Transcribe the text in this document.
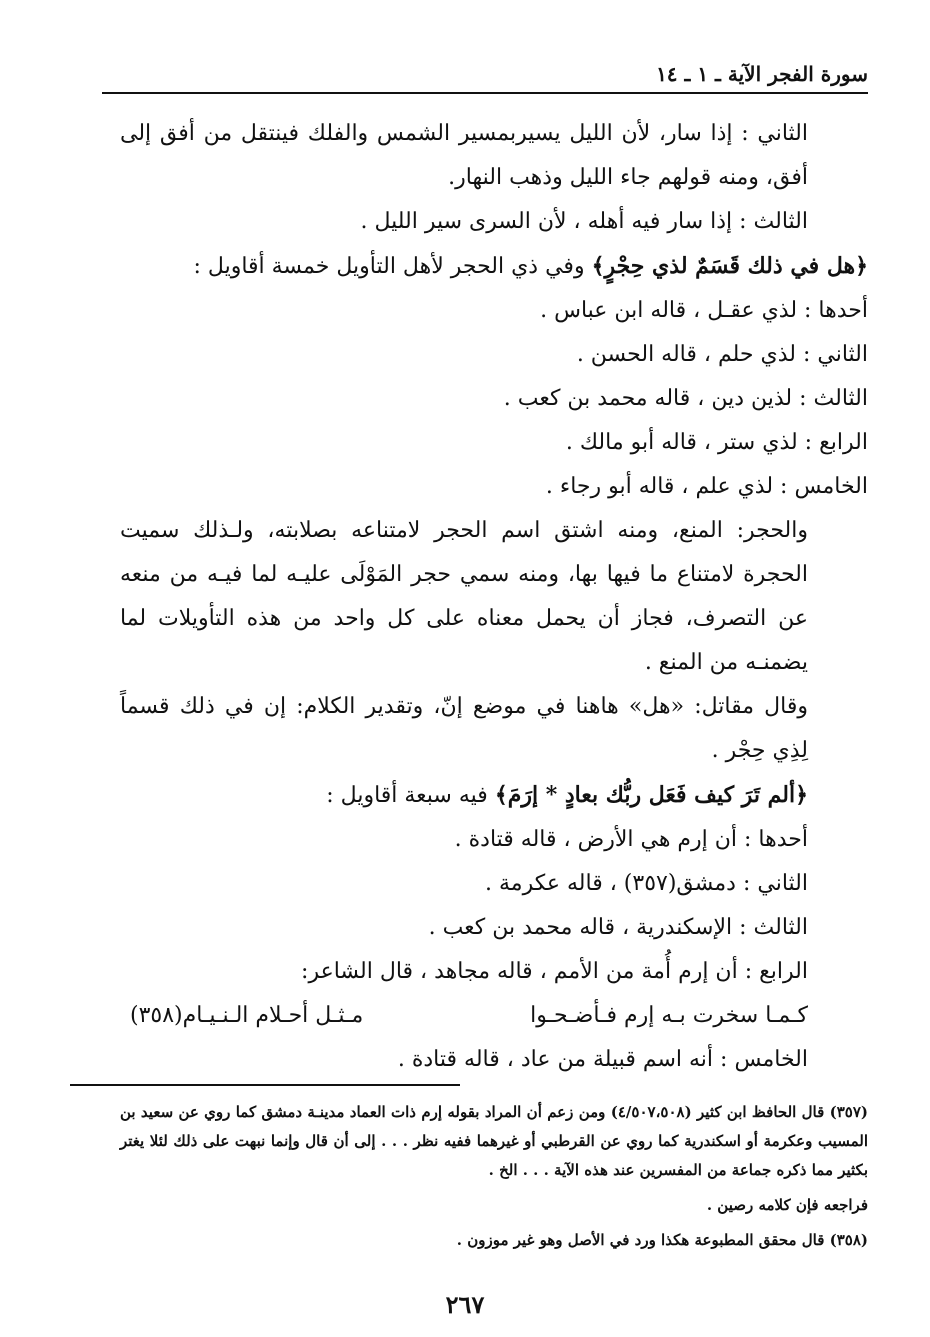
سورة الفجر الآية ـ ١ ـ ١٤

الثاني : إذا سار، لأن الليل يسيربمسير الشمس والفلك فينتقل من أفق إلى أفق، ومنه قولهم جاء الليل وذهب النهار.

الثالث : إذا سار فيه أهله ، لأن السرى سير الليل .

﴿هل في ذلك قَسَمٌ لذي حِجْرٍ﴾ وفي ذي الحجر لأهل التأويل خمسة أقاويل :

أحدها : لذي عقـل ، قاله ابن عباس .

الثاني : لذي حلم ، قاله الحسن .

الثالث : لذين دين ، قاله محمد بن كعب .

الرابع : لذي ستر ، قاله أبو مالك .

الخامس : لذي علم ، قاله أبو رجاء .

والحجر: المنع، ومنه اشتق اسم الحجر لامتناعه بصلابته، ولـذلك سميت الحجرة لامتناع ما فيها بها، ومنه سمي حجر المَوْلَى عليـه لما فيـه من منعه عن التصرف، فجاز أن يحمل معناه على كل واحد من هذه التأويلات لما يضمنـه من المنع .

وقال مقاتل: «هل» هاهنا في موضع إنّ، وتقدير الكلام: إن في ذلك قسماً لِذِي حِجْر .

﴿ألم تَرَ كيف فَعَل ربُّك بعادٍ * إرَمَ﴾ فيه سبعة أقاويل :

أحدها : أن إرم هي الأرض ، قاله قتادة .

الثاني : دمشق(٣٥٧) ، قاله عكرمة .

الثالث : الإسكندرية ، قاله محمد بن كعب .

الرابع : أن إرم أُمة من الأمم ، قاله مجاهد ، قال الشاعر:

كـمـا سخرت بـه إرم فـأضـحـوا
مـثـل أحـلام الـنـيـام(٣٥٨)

الخامس : أنه اسم قبيلة من عاد ، قاله قتادة .

(٣٥٧) قال الحافظ ابن كثير (٤/٥٠٧،٥٠٨) ومن زعم أن المراد بقوله إرم ذات العماد مدينـة دمشق كما روي عن سعيد بن المسيب وعكرمة أو اسكندرية كما روي عن القرطبي أو غيرهما ففيه نظر . . . إلى أن قال وإنما نبهت على ذلك لئلا يغتر بكثير مما ذكره جماعة من المفسرين عند هذه الآية . . . الخ .

فراجعه فإن كلامه رصين .

(٣٥٨) قال محقق المطبوعة هكذا ورد في الأصل وهو غير موزون .

٢٦٧
